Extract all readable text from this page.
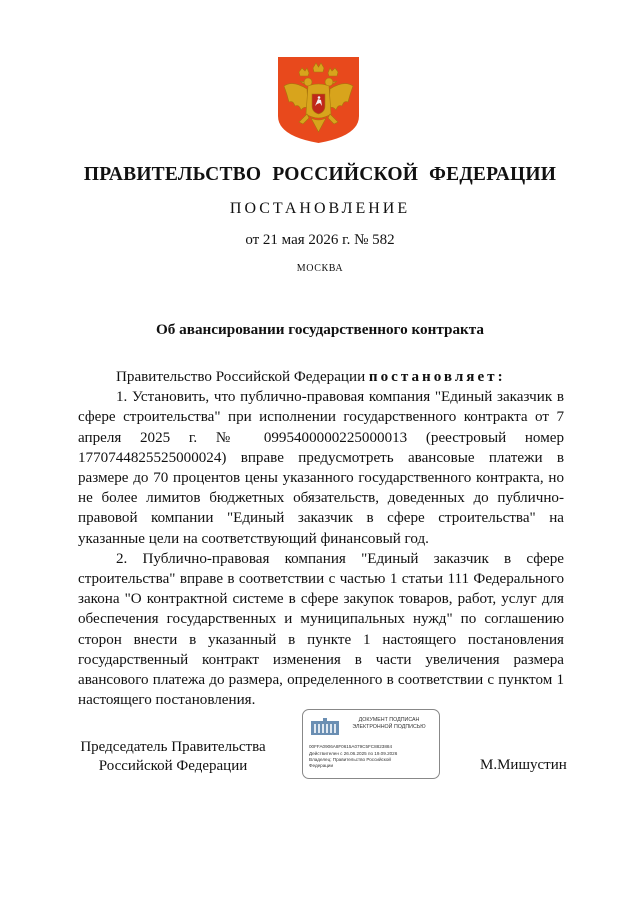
ПРАВИТЕЛЬСТВО РОССИЙСКОЙ ФЕДЕРАЦИИ
ПОСТАНОВЛЕНИЕ
от 21 мая 2026 г. № 582
МОСКВА
Об авансировании государственного контракта

Правительство Российской Федерации постановляет:

1. Установить, что публично-правовая компания "Единый заказчик в сфере строительства" при исполнении государственного контракта от 7 апреля 2025 г. № 0995400000225000013 (реестровый номер 1770744825525000024) вправе предусмотреть авансовые платежи в размере до 70 процентов цены указанного государственного контракта, но не более лимитов бюджетных обязательств, доведенных до публично-правовой компании "Единый заказчик в сфере строительства" на указанные цели на соответствующий финансовый год.

2. Публично-правовая компания "Единый заказчик в сфере строительства" вправе в соответствии с частью 1 статьи 111 Федерального закона "О контрактной системе в сфере закупок товаров, работ, услуг для обеспечения государственных и муниципальных нужд" по соглашению сторон внести в указанный в пункте 1 настоящего постановления государственный контракт изменения в части увеличения размера авансового платежа до размера, определенного в соответствии с пунктом 1 настоящего постановления.

Председатель Правительства
Российской Федерации
ДОКУМЕНТ ПОДПИСАН
ЭЛЕКТРОННОЙ ПОДПИСЬЮ
00FFA0906A8F0615A079C5FC8823884
Действителен с 26.06.2025 по 19.09.2026
Владелец: Правительство Российской
Федерации	М.Мишустин
